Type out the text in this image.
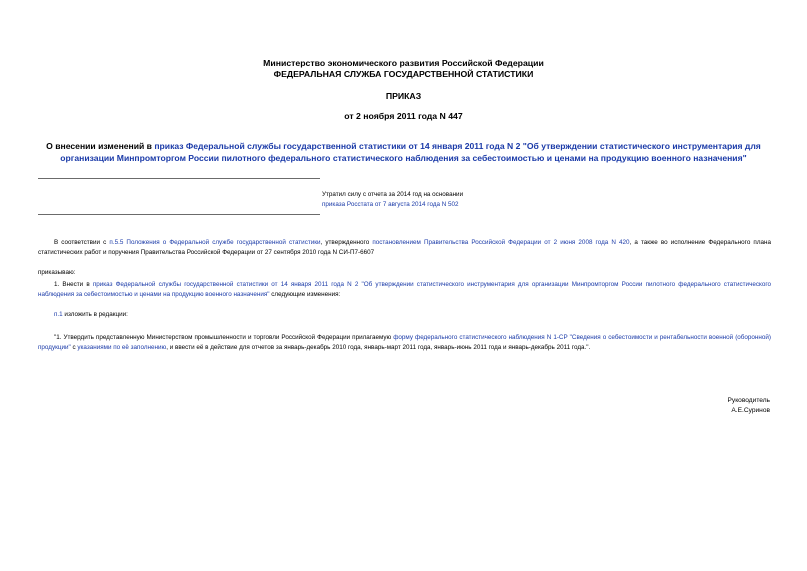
Министерство экономического развития Российской Федерации
ФЕДЕРАЛЬНАЯ СЛУЖБА ГОСУДАРСТВЕННОЙ СТАТИСТИКИ
ПРИКАЗ
от 2 ноября 2011 года N 447
О внесении изменений в приказ Федеральной службы государственной статистики от 14 января 2011 года N 2 "Об утверждении статистического инструментария для организации Минпромторгом России пилотного федерального статистического наблюдения за себестоимостью и ценами на продукцию военного назначения"
Утратил силу с отчета за 2014 год на основании
приказа Росстата от 7 августа 2014 года N 502
В соответствии с п.5.5 Положения о Федеральной службе государственной статистики, утвержденного постановлением Правительства Российской Федерации от 2 июня 2008 года N 420, а также во исполнение Федерального плана статистических работ и поручения Правительства Российской Федерации от 27 сентября 2010 года N СИ-П7-6607
приказываю:
1. Внести в приказ Федеральной службы государственной статистики от 14 января 2011 года N 2 "Об утверждении статистического инструментария для организации Минпромторгом России пилотного федерального статистического наблюдения за себестоимостью и ценами на продукцию военного назначения" следующие изменения:
п.1 изложить в редакции:
"1. Утвердить представленную Министерством промышленности и торговли Российской Федерации прилагаемую форму федерального статистического наблюдения N 1-СР "Сведения о себестоимости и рентабельности военной (оборонной) продукции" с указаниями по её заполнению, и ввести её в действие для отчетов за январь-декабрь 2010 года, январь-март 2011 года, январь-июнь 2011 года и январь-декабрь 2011 года.".
Руководитель
А.Е.Суринов
